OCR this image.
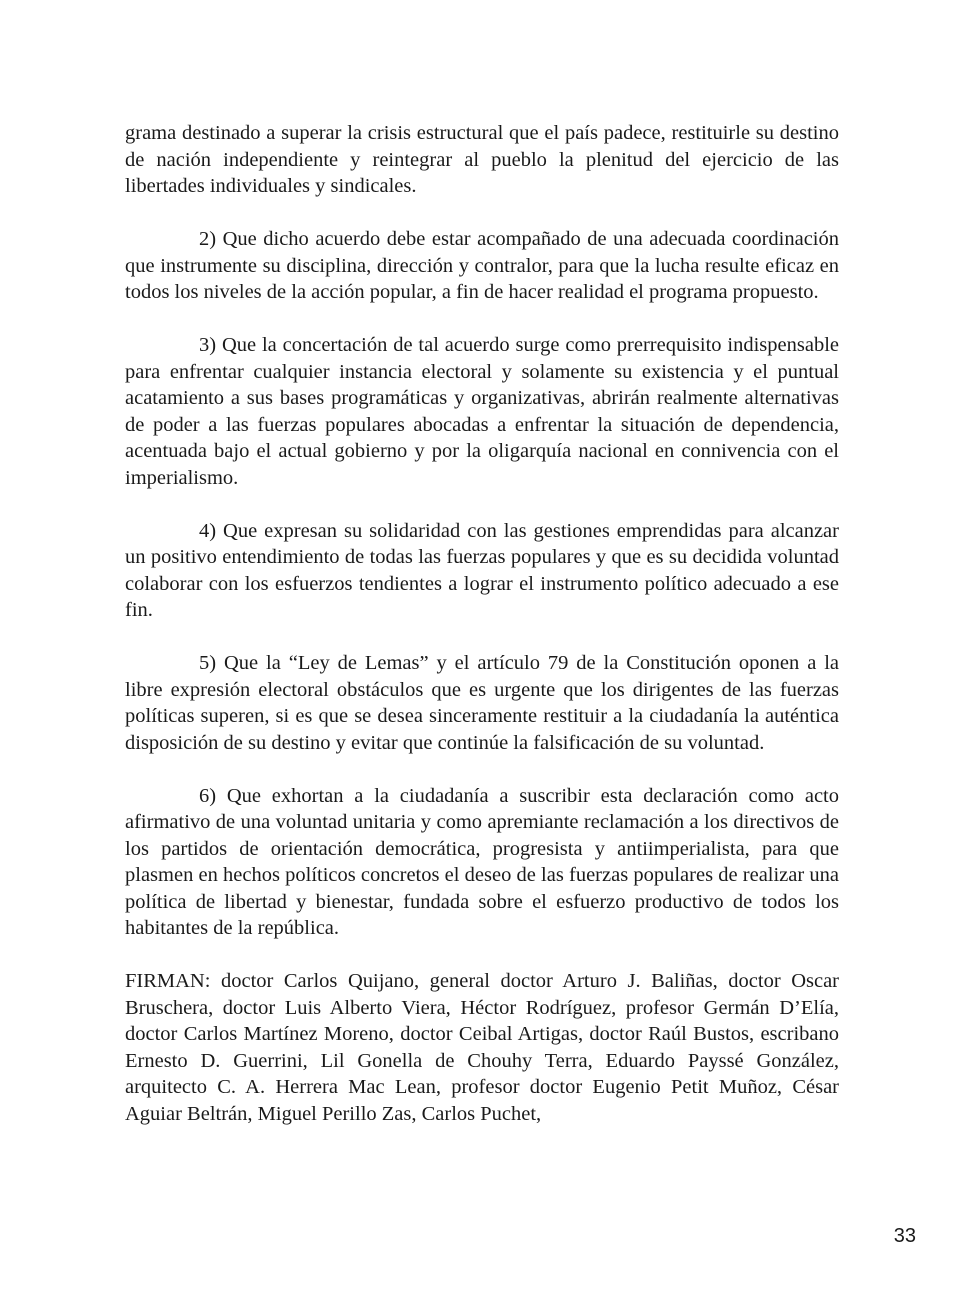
grama destinado a superar la crisis estructural que el país padece, restituirle su destino de nación independiente y reintegrar al pueblo la plenitud del ejercicio de las libertades individuales y sindicales.

2) Que dicho acuerdo debe estar acompañado de una adecuada coordinación que instrumente su disciplina, dirección y contralor, para que la lucha resulte eficaz en todos los niveles de la acción popular, a fin de hacer realidad el programa propuesto.

3) Que la concertación de tal acuerdo surge como prerrequisito indispensable para enfrentar cualquier instancia electoral y solamente su existencia y el puntual acatamiento a sus bases programáticas y organizativas, abrirán realmente alternativas de poder a las fuerzas populares abocadas a enfrentar la situación de dependencia, acentuada bajo el actual gobierno y por la oligarquía nacional en connivencia con el imperialismo.

4) Que expresan su solidaridad con las gestiones emprendidas para alcanzar un positivo entendimiento de todas las fuerzas populares y que es su decidida voluntad colaborar con los esfuerzos tendientes a lograr el instrumento político adecuado a ese fin.

5) Que la “Ley de Lemas” y el artículo 79 de la Constitución oponen a la libre expresión electoral obstáculos que es urgente que los dirigentes de las fuerzas políticas superen, si es que se desea sinceramente restituir a la ciudadanía la auténtica disposición de su destino y evitar que continúe la falsificación de su voluntad.

6) Que exhortan a la ciudadanía a suscribir esta declaración como acto afirmativo de una voluntad unitaria y como apremiante reclamación a los directivos de los partidos de orientación democrática, progresista y antiimperialista, para que plasmen en hechos políticos concretos el deseo de las fuerzas populares de realizar una política de libertad y bienestar, fundada sobre el esfuerzo productivo de todos los habitantes de la república.

FIRMAN: doctor Carlos Quijano, general doctor Arturo J. Baliñas, doctor Oscar Bruschera, doctor Luis Alberto Viera, Héctor Rodríguez, profesor Germán D’Elía, doctor Carlos Martínez Moreno, doctor Ceibal Artigas, doctor Raúl Bustos, escribano Ernesto D. Guerrini, Lil Gonella de Chouhy Terra, Eduardo Payssé González, arquitecto C. A. Herrera Mac Lean, profesor doctor Eugenio Petit Muñoz, César Aguiar Beltrán, Miguel Perillo Zas, Carlos Puchet,

33
